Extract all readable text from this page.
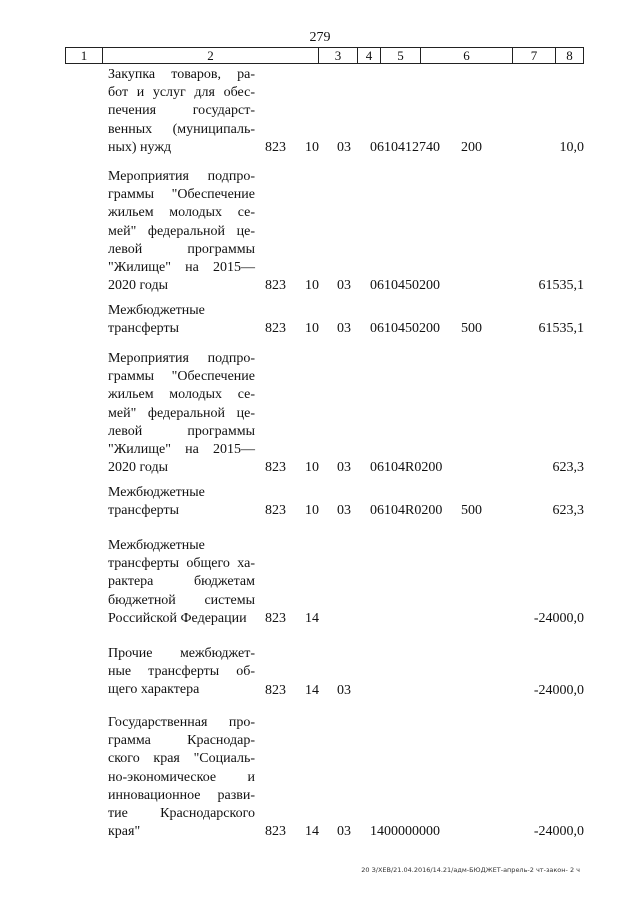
279
1	2	3	4	5	6	7	8
Закупка товаров, ра-
бот и услуг для обес-
печения государст-
венных (муниципаль-
ных) нужд	823 10 03 0610412740 200	10,0
Мероприятия подпро-
граммы "Обеспечение
жильем молодых се-
мей" федеральной це-
левой программы
"Жилище" на 2015—
2020 годы	823 10 03 0610450200	61535,1
Межбюджетные
трансферты	823 10 03 0610450200 500	61535,1
Мероприятия подпро-
граммы "Обеспечение
жильем молодых се-
мей" федеральной це-
левой программы
"Жилище" на 2015—
2020 годы	823 10 03 06104R0200	623,3
Межбюджетные
трансферты	823 10 03 06104R0200 500	623,3
Межбюджетные
трансферты общего ха-
рактера бюджетам
бюджетной системы
Российской Федерации	823 14	-24000,0
Прочие межбюджет-
ные трансферты об-
щего характера	823 14 03	-24000,0
Государственная про-
грамма Краснодар-
ского края "Социаль-
но-экономическое и
инновационное разви-
тие Краснодарского
края"	823 14 03 1400000000	-24000,0
20 З/ХЕВ/21.04.2016/14.21/адм-БЮДЖЕТ-апрель-2 чт-закон- 2 ч
